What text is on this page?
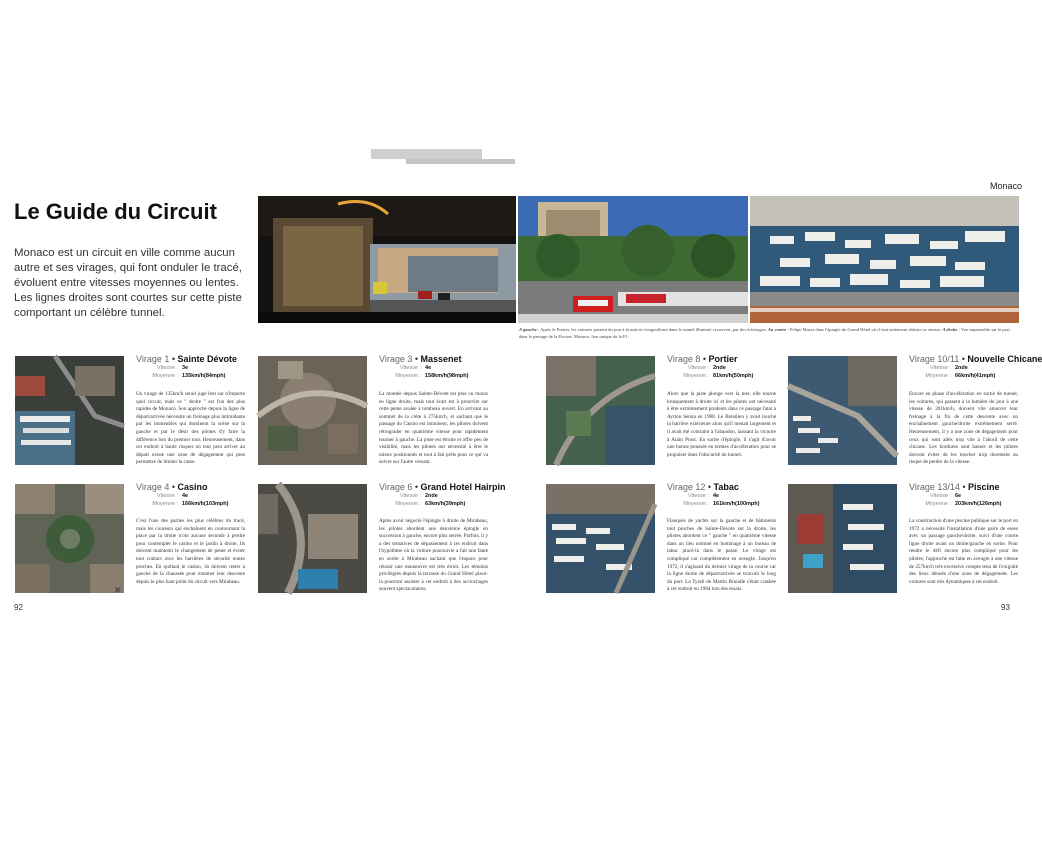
Monaco
Le Guide du Circuit

Monaco est un circuit en ville comme aucun autre et ses virages, qui font onduler le tracé, évoluent entre vitesses moyennes ou lentes. Les lignes droites sont courtes sur cette piste comportant un célèbre tunnel.

A gauche : Après le Portier, les voitures passent du jour à la nuit en s'engouffrant dans le tunnel illuminé, recouvert, par des éclairages. Au centre : Felipe Massa dans l'épingle du Grand Hôtel où il faut nettement réduire sa vitesse. A droite : Vue imprenable sur le port dans le passage de la Piscine. Monaco, lieu unique de la F1.
Virage 1 • Sainte Dévote
Vitesse : 3e
Moyenne : 135km/h(84mph)
Un virage de 135km/h serait jugé lent sur n'importe quel circuit, mais ce " droite " est l'un des plus rapides de Monaco. Son approche depuis la ligne de départ/arrivée nécessite un freinage plus intimidante par les immeubles qui dominent la scène sur la gauche et par le désir des pilotes d'y faire la différence lors du premier tour. Heureusement, dans cet endroit à haute risques où tout peut arriver au départ existe une zone de dégagement qui peut permettre de limiter la casse.
Virage 3 • Massenet
Vitesse : 4e
Moyenne : 158km/h(98mph)
La montée depuis Sainte-Dévote est plus ou moins en ligne droite, mais tout écart est à proscrire sur cette pente avalée à tombeau ouvert. En arrivant au sommet de la crête à 275km/h, et sachant que le passage du Casino est imminent, les pilotes doivent rétrograder en quatrième vitesse pour rapidement tourner à gauche. La piste est étroite et offre peu de visibilité, mais les pilotes ont nécessité à être le mieux positionnés et tout à fait prêts pour ce qui va suivre sur l'autre versant.
✖
Virage 4 • Casino
Vitesse : 4e
Moyenne : 166km/h(103mph)
C'est l'une des parties les plus célèbres du tracé, mais les coureurs qui enchaînent en contournant la place par la droite n'ont aucune seconde à perdre pour contempler le casino et le jardin à droite. Ils doivent maintenir le changement de pente et éviter tout contact avec les barrières de sécurité toutes proches. En quittant le casino, ils doivent rester à gauche de la chaussée pour entamer leur descente depuis le plus haut point du circuit vers Mirabeau.
Virage 6 • Grand Hotel Hairpin
Vitesse : 2nde
Moyenne : 63km/h(39mph)
Après avoir négocié l'épingle à droite de Mirabeau, les pilotes abordent une deuxième épingle en succession à gauche, encore plus serrée. Parfois, il y a des tentatives de dépassement à cet endroit dans l'hypothèse où la voiture poursuivie a fait une faute en sortie à Mirabeau sachant que l'espace pour réussir une manœuvre est très étroit. Les témoins privilégiés depuis la terrasse du Grand Hôtel placé-la pourront assister à cet endroit à des accrochages souvent spectaculaires.
Virage 8 • Portier
Vitesse : 2nde
Moyenne : 81km/h(50mph)
Alors que la piste plonge vers la mer, elle tourne brusquement à droite ici et les pilotes ont nécessité à être extrêmement prudents dans ce passage fatal à Ayrton Senna en 1988. Le Brésilien y avait touché la barrière extérieure alors qu'il menait largement et il avait été contraint à l'abandon, laissant la victoire à Alain Prost. En sortie d'épingle, il s'agit d'avoir une bonne poussée en termes d'accélération pour se propulser dans l'obscurité du tunnel.
Virage 10/11 • Nouvelle Chicane
Vitesse : 2nde
Moyenne : 66km/h(41mph)
Encore en phase d'accélération en sortie de tunnel, les voitures, qui passent à la lumière du jour à une vitesse de 281km/h, doivent vite amorcer leur freinage à la fin de cette descente avec un enchaînement gauche/droite extrêmement serré. Heureusement, il y a une zone de dégagement pour ceux qui sont allés trop vite à l'abord de cette chicane. Les bordures sont basses et les pilotes doivent éviter de les toucher trop durement au risque de perdre de la vitesse.
Virage 12 • Tabac
Vitesse : 4e
Moyenne : 161km/h(100mph)
Flanqués de yachts sur la gauche et de bâtiments tout proches de Sainte-Dévote sur la droite, les pilotes abordent ce " gauche " en quatrième vitesse dans un lieu nommé en hommage à un bureau de tabac placé-là dans le passé. Le virage est compliqué car complètement en aveugle. Jusqu'en 1972, il s'agissait du dernier virage de la course car la ligne droite de départ/arrivée se trouvait le long du port. La Tyrell de Martin Brundle s'était crashée à cet endroit en 1984 lors des essais.
Virage 13/14 • Piscine
Vitesse : 6e
Moyenne : 203km/h(126mph)
La construction d'une piscine publique sur le port en 1972 a nécessité l'installation d'une paire de esses avec un passage gauche/droite, suivi d'une courte ligne droite avant un droite/gauche en sortie. Pour rendre le défi encore plus compliqué pour les pilotes, l'approche est faite en aveugle à une vitesse de 257km/h très excessive compte tenu de l'exiguïté des lieux dénués d'une zone de dégagement. Les voitures sont très dynamiques à cet endroit.
92	93
